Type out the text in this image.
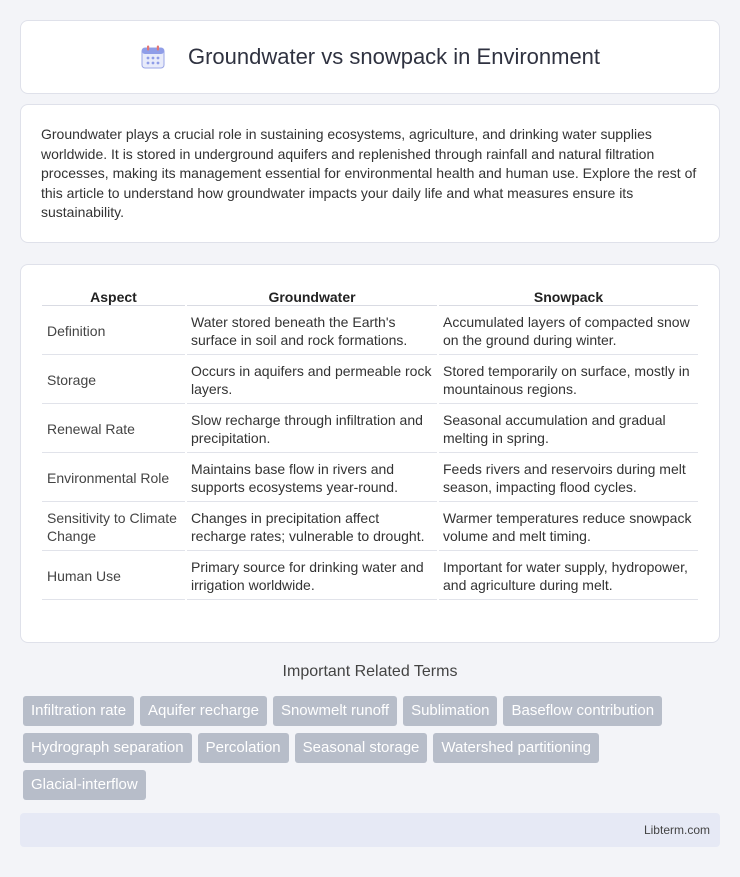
Groundwater vs snowpack in Environment

Groundwater plays a crucial role in sustaining ecosystems, agriculture, and drinking water supplies worldwide. It is stored in underground aquifers and replenished through rainfall and natural filtration processes, making its management essential for environmental health and human use. Explore the rest of this article to understand how groundwater impacts your daily life and what measures ensure its sustainability.

Aspect	Groundwater	Snowpack
Definition	Water stored beneath the Earth's surface in soil and rock formations.	Accumulated layers of compacted snow on the ground during winter.
Storage	Occurs in aquifers and permeable rock layers.	Stored temporarily on surface, mostly in mountainous regions.
Renewal Rate	Slow recharge through infiltration and precipitation.	Seasonal accumulation and gradual melting in spring.
Environmental Role	Maintains base flow in rivers and supports ecosystems year-round.	Feeds rivers and reservoirs during melt season, impacting flood cycles.
Sensitivity to Climate Change	Changes in precipitation affect recharge rates; vulnerable to drought.	Warmer temperatures reduce snowpack volume and melt timing.
Human Use	Primary source for drinking water and irrigation worldwide.	Important for water supply, hydropower, and agriculture during melt.
Important Related Terms
Infiltration rate	Aquifer recharge	Snowmelt runoff	Sublimation	Baseflow contribution
Hydrograph separation	Percolation	Seasonal storage	Watershed partitioning
Glacial-interflow
Libterm.com
